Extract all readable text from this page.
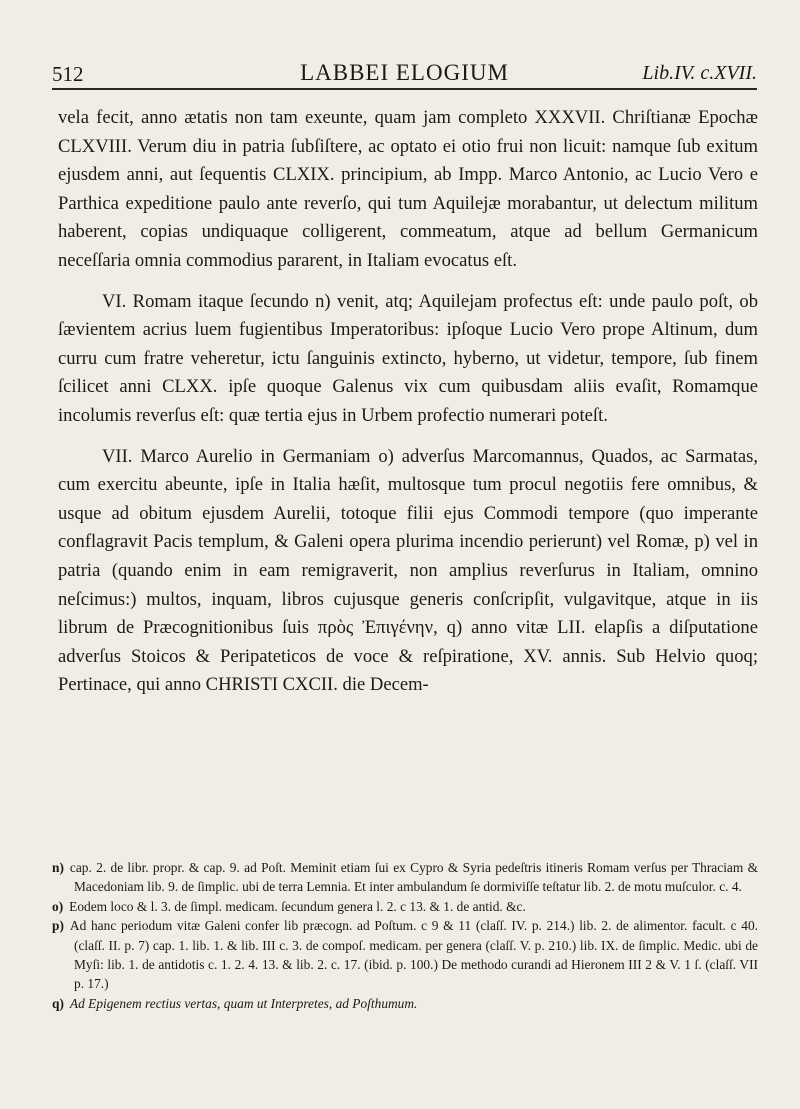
512	LABBEI ELOGIUM	Lib.IV. c.XVII.

vela fecit, anno ætatis non tam exeunte, quam jam completo XXXVII. Chriſtianæ Epochæ CLXVIII. Verum diu in patria ſubſiſtere, ac optato ei otio frui non licuit: namque ſub exitum ejusdem anni, aut ſequentis CLXIX. principium, ab Impp. Marco Antonio, ac Lucio Vero e Parthica expeditione paulo ante reverſo, qui tum Aquilejæ morabantur, ut delectum militum haberent, copias undiquaque colligerent, commeatum, atque ad bellum Germanicum neceſſaria omnia commodius pararent, in Italiam evocatus eſt.

VI. Romam itaque ſecundo n) venit, atq; Aquilejam profectus eſt: unde paulo poſt, ob ſævientem acrius luem fugientibus Imperatoribus: ipſoque Lucio Vero prope Altinum, dum curru cum fratre veheretur, ictu ſanguinis extincto, hyberno, ut videtur, tempore, ſub finem ſcilicet anni CLXX. ipſe quoque Galenus vix cum quibusdam aliis evaſit, Romamque incolumis reverſus eſt: quæ tertia ejus in Urbem profectio numerari poteſt.

VII. Marco Aurelio in Germaniam o) adverſus Marcomannus, Quados, ac Sarmatas, cum exercitu abeunte, ipſe in Italia hæſit, multosque tum procul negotiis fere omnibus, & usque ad obitum ejusdem Aurelii, totoque filii ejus Commodi tempore (quo imperante conflagravit Pacis templum, & Galeni opera plurima incendio perierunt) vel Romæ, p) vel in patria (quando enim in eam remigraverit, non amplius reverſurus in Italiam, omnino neſcimus:) multos, inquam, libros cujusque generis conſcripſit, vulgavitque, atque in iis librum de Præcognitionibus ſuis πρὸς Ἐπιγένην, q) anno vitæ LII. elapſis a diſputatione adverſus Stoicos & Peripateticos de voce & reſpiratione, XV. annis. Sub Helvio quoq; Pertinace, qui anno CHRISTI CXCII. die Decem-

n) cap. 2. de libr. propr. & cap. 9. ad Poſt. Meminit etiam ſui ex Cypro & Syria pedeſtris itineris Romam verſus per Thraciam & Macedoniam lib. 9. de ſimplic. ubi de terra Lemnia. Et inter ambulandum ſe dormiviſſe teſtatur lib. 2. de motu muſculor. c. 4.

o) Eodem loco & l. 3. de ſimpl. medicam. ſecundum genera l. 2. c 13. & 1. de antid. &c.

p) Ad hanc periodum vitæ Galeni confer lib præcogn. ad Poſtum. c 9 & 11 (claſſ. IV. p. 214.) lib. 2. de alimentor. facult. c 40. (claſſ. II. p. 7) cap. 1. lib. 1. & lib. III c. 3. de compoſ. medicam. per genera (claſſ. V. p. 210.) lib. IX. de ſimplic. Medic. ubi de Myſi: lib. 1. de antidotis c. 1. 2. 4. 13. & lib. 2. c. 17. (ibid. p. 100.) De methodo curandi ad Hieronem III 2 & V. 1 ſ. (claſſ. VII p. 17.)

q) Ad Epigenem rectius vertas, quam ut Interpretes, ad Poſthumum.
